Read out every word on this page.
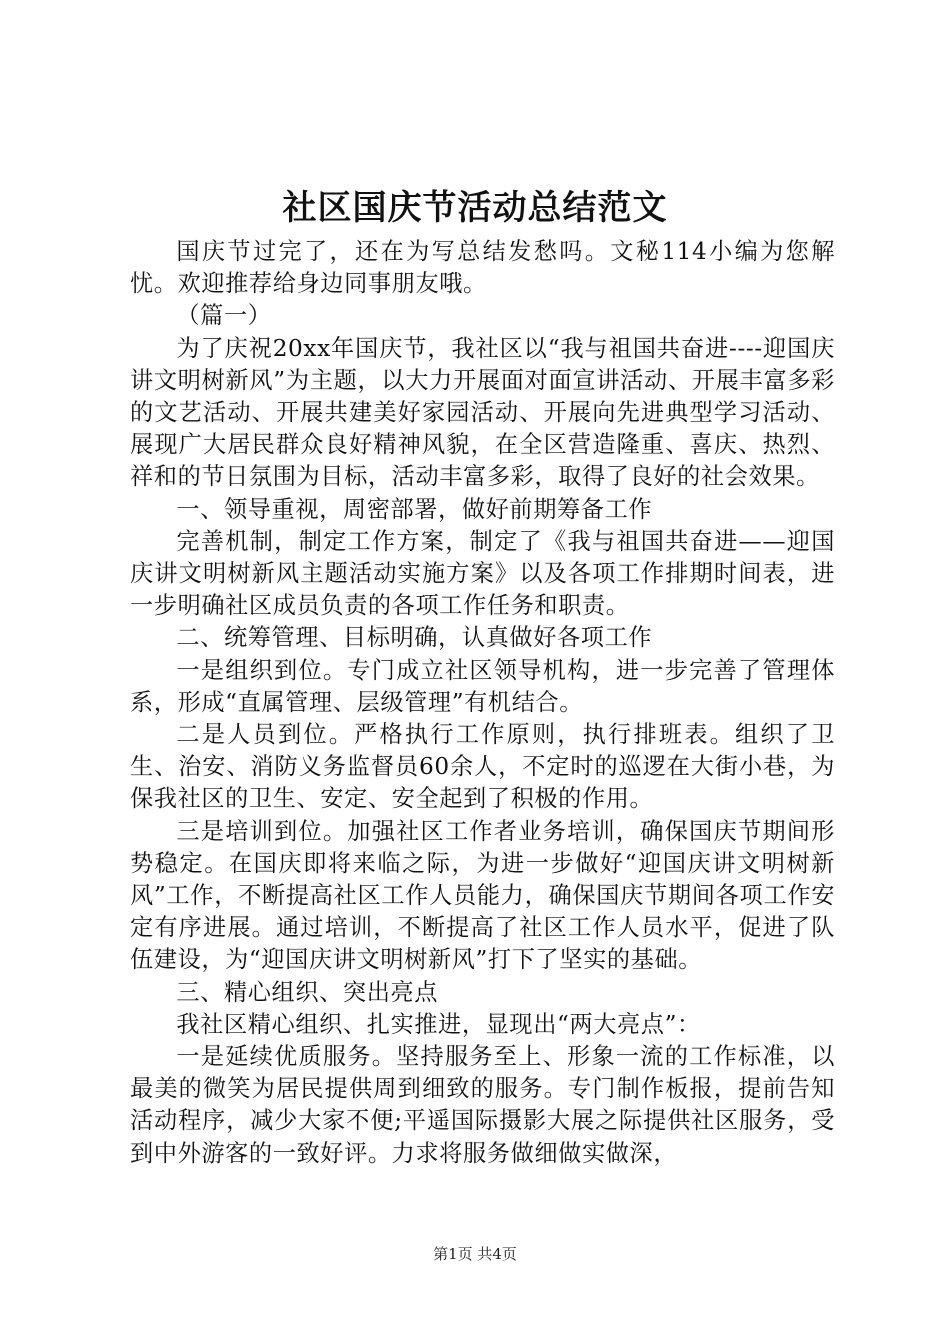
社区国庆节活动总结范文

国庆节过完了，还在为写总结发愁吗。文秘114小编为您解忧。欢迎推荐给身边同事朋友哦。

（篇一）

为了庆祝20xx年国庆节，我社区以“我与祖国共奋进----迎国庆讲文明树新风”为主题，以大力开展面对面宣讲活动、开展丰富多彩的文艺活动、开展共建美好家园活动、开展向先进典型学习活动、展现广大居民群众良好精神风貌，在全区营造隆重、喜庆、热烈、祥和的节日氛围为目标，活动丰富多彩，取得了良好的社会效果。

一、领导重视，周密部署，做好前期筹备工作

完善机制，制定工作方案，制定了《我与祖国共奋进——迎国庆讲文明树新风主题活动实施方案》以及各项工作排期时间表，进一步明确社区成员负责的各项工作任务和职责。

二、统筹管理、目标明确，认真做好各项工作

一是组织到位。专门成立社区领导机构，进一步完善了管理体系，形成“直属管理、层级管理”有机结合。

二是人员到位。严格执行工作原则，执行排班表。组织了卫生、治安、消防义务监督员60余人，不定时的巡逻在大街小巷，为保我社区的卫生、安定、安全起到了积极的作用。

三是培训到位。加强社区工作者业务培训，确保国庆节期间形势稳定。在国庆即将来临之际，为进一步做好“迎国庆讲文明树新风”工作，不断提高社区工作人员能力，确保国庆节期间各项工作安定有序进展。通过培训，不断提高了社区工作人员水平，促进了队伍建设，为“迎国庆讲文明树新风”打下了坚实的基础。

三、精心组织、突出亮点

我社区精心组织、扎实推进，显现出“两大亮点”：

一是延续优质服务。坚持服务至上、形象一流的工作标准，以最美的微笑为居民提供周到细致的服务。专门制作板报，提前告知活动程序，减少大家不便;平遥国际摄影大展之际提供社区服务，受到中外游客的一致好评。力求将服务做细做实做深，

第1页 共4页
